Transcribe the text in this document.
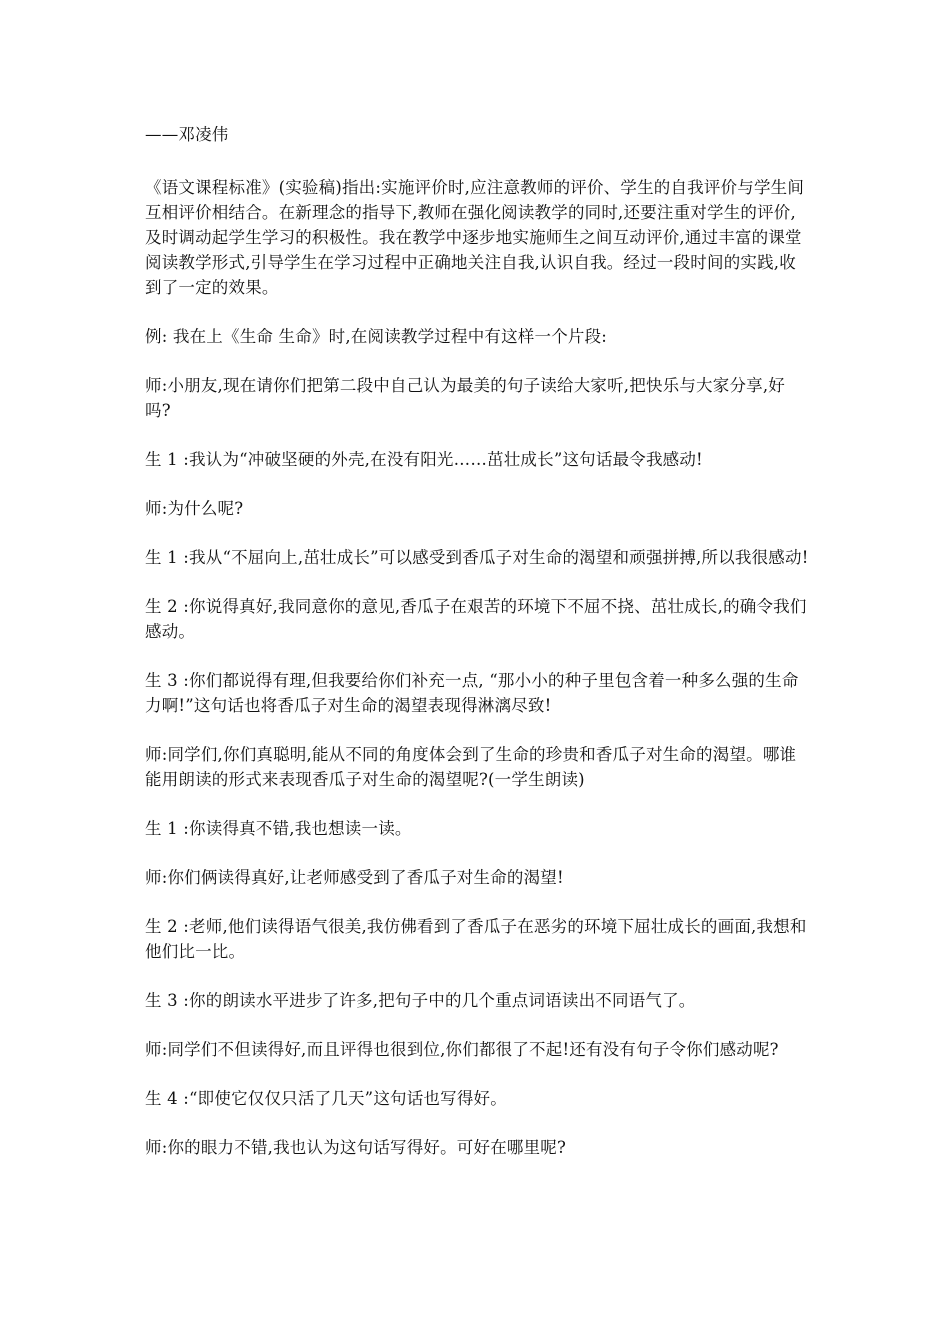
——邓凌伟

《语文课程标准》(实验稿)指出:实施评价时,应注意教师的评价、学生的自我评价与学生间互相评价相结合。在新理念的指导下,教师在强化阅读教学的同时,还要注重对学生的评价,及时调动起学生学习的积极性。我在教学中逐步地实施师生之间互动评价,通过丰富的课堂阅读教学形式,引导学生在学习过程中正确地关注自我,认识自我。经过一段时间的实践,收到了一定的效果。

例: 我在上《生命 生命》时,在阅读教学过程中有这样一个片段:

师:小朋友,现在请你们把第二段中自己认为最美的句子读给大家听,把快乐与大家分享,好吗?

生 1 :我认为“冲破坚硬的外壳,在没有阳光……茁壮成长”这句话最令我感动!

师:为什么呢?

生 1 :我从“不屈向上,茁壮成长”可以感受到香瓜子对生命的渴望和顽强拼搏,所以我很感动!

生 2 :你说得真好,我同意你的意见,香瓜子在艰苦的环境下不屈不挠、茁壮成长,的确令我们感动。

生 3 :你们都说得有理,但我要给你们补充一点, “那小小的种子里包含着一种多么强的生命力啊!”这句话也将香瓜子对生命的渴望表现得淋漓尽致!

师:同学们,你们真聪明,能从不同的角度体会到了生命的珍贵和香瓜子对生命的渴望。哪谁能用朗读的形式来表现香瓜子对生命的渴望呢?(一学生朗读)

生 1 :你读得真不错,我也想读一读。

师:你们俩读得真好,让老师感受到了香瓜子对生命的渴望!

生 2 :老师,他们读得语气很美,我仿佛看到了香瓜子在恶劣的环境下屈壮成长的画面,我想和他们比一比。

生 3 :你的朗读水平进步了许多,把句子中的几个重点词语读出不同语气了。

师:同学们不但读得好,而且评得也很到位,你们都很了不起!还有没有句子令你们感动呢?

生 4 :“即使它仅仅只活了几天”这句话也写得好。

师:你的眼力不错,我也认为这句话写得好。可好在哪里呢?
